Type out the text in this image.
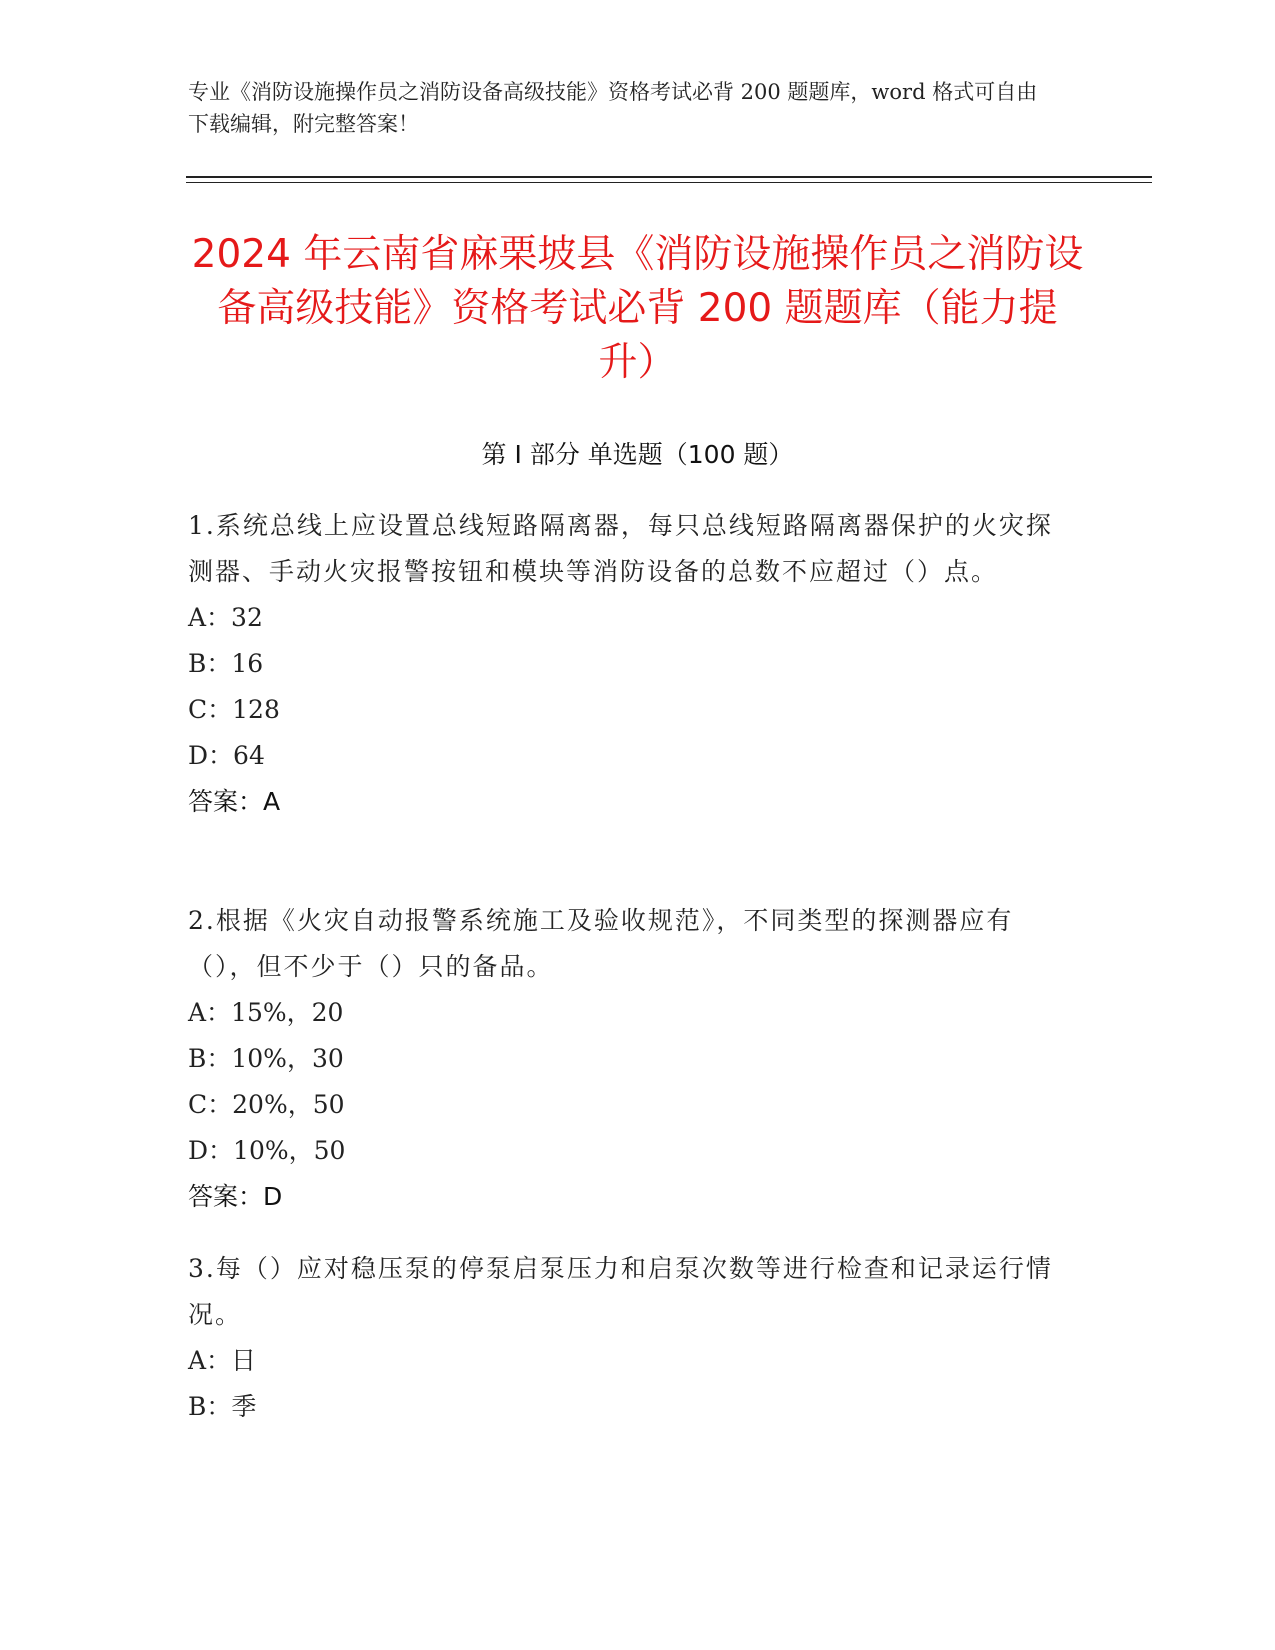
专业《消防设施操作员之消防设备高级技能》资格考试必背 200 题题库，word 格式可自由下载编辑，附完整答案！
2024 年云南省麻栗坡县《消防设施操作员之消防设备高级技能》资格考试必背 200 题题库（能力提升）
第 I 部分 单选题（100 题）
1.系统总线上应设置总线短路隔离器，每只总线短路隔离器保护的火灾探测器、手动火灾报警按钮和模块等消防设备的总数不应超过（）点。
A：32
B：16
C：128
D：64
答案：A
2.根据《火灾自动报警系统施工及验收规范》，不同类型的探测器应有（），但不少于（）只的备品。
A：15%，20
B：10%，30
C：20%，50
D：10%，50
答案：D
3.每（）应对稳压泵的停泵启泵压力和启泵次数等进行检查和记录运行情况。
A：日
B：季
